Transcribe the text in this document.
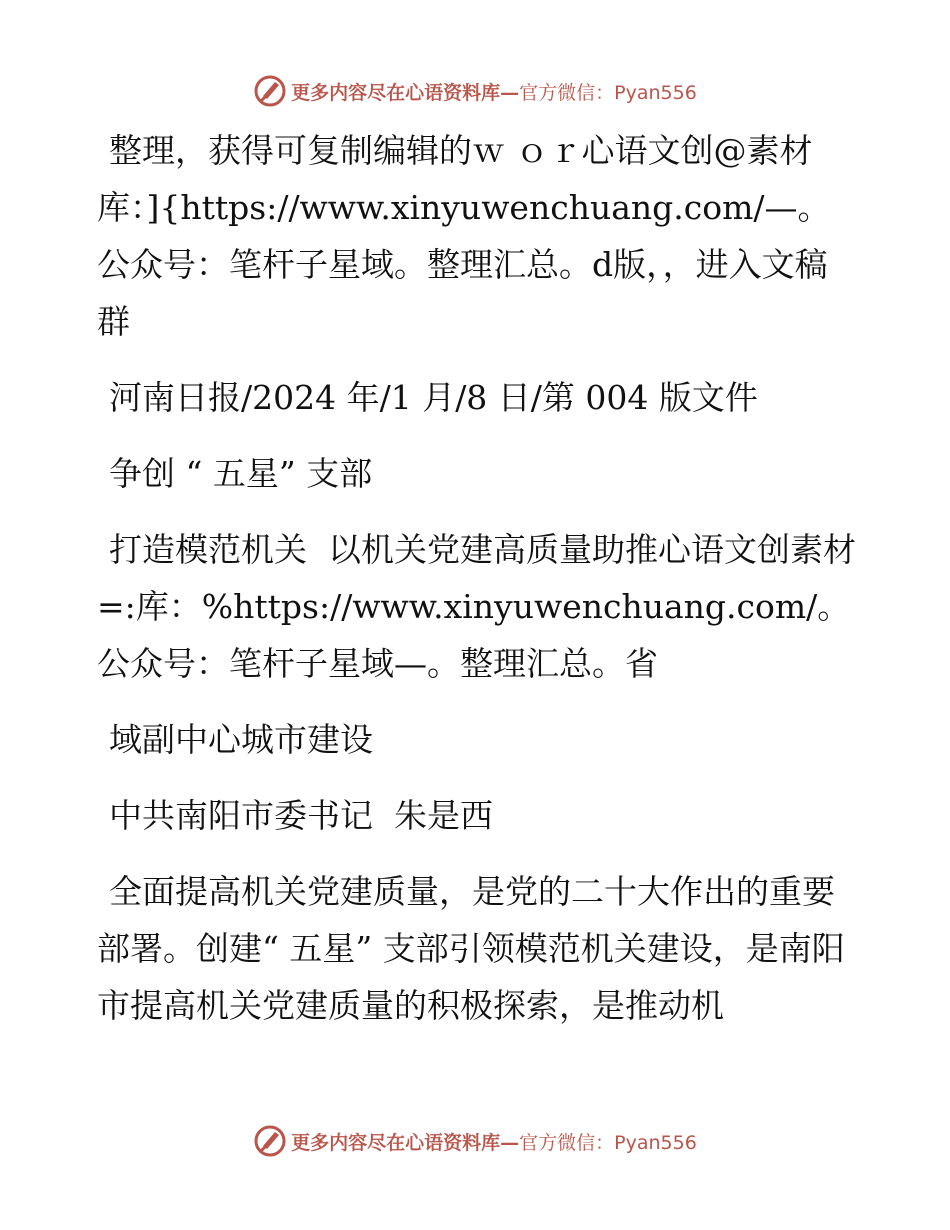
更多内容尽在心语资料库— 官方微信：Pyan556

整理，获得可复制编辑的ｗ ｏｒ心语文创@素材库：]{https://www.xinyuwenchuang.com/—。公众号：笔杆子星域。整理汇总。d版，，进入文稿群

河南日报/2024 年/1 月/8 日/第 004 版文件

争创 “ 五星” 支部

打造模范机关  以机关党建高质量助推心语文创素材=:库：%https://www.xinyuwenchuang.com/。公众号：笔杆子星域—。整理汇总。省

域副中心城市建设

中共南阳市委书记  朱是西

全面提高机关党建质量，是党的二十大作出的重要部署。创建“ 五星” 支部引领模范机关建设，是南阳市提高机关党建质量的积极探索，是推动机

更多内容尽在心语资料库— 官方微信：Pyan556
